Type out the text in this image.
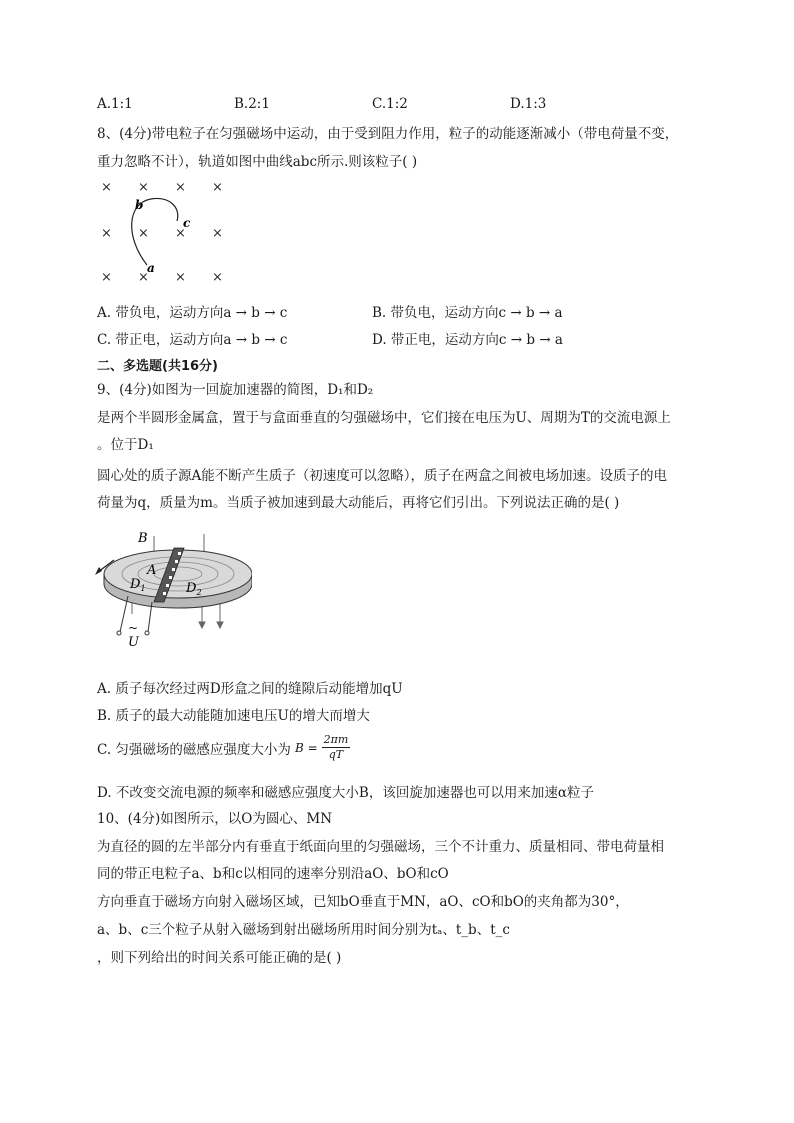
A.1:1	B.2:1	C.1:2	D.1:3
8、(4分)带电粒子在匀强磁场中运动，由于受到阻力作用，粒子的动能逐渐减小（带电荷量不变，
重力忽略不计），轨道如图中曲线abc所示.则该粒子( )
× × × ×
× × × ×
× × × ×
a
b
c
A. 带负电，运动方向a → b → c	B. 带负电，运动方向c → b → a
C. 带正电，运动方向a → b → c	D. 带正电，运动方向c → b → a
二、多选题(共16分)
9、(4分)如图为一回旋加速器的简图，D₁和D₂
是两个半圆形金属盒，置于与盒面垂直的匀强磁场中，它们接在电压为U、周期为T的交流电源上
。位于D₁
圆心处的质子源A能不断产生质子（初速度可以忽略），质子在两盒之间被电场加速。设质子的电
荷量为q，质量为m。当质子被加速到最大动能后，再将它们引出。下列说法正确的是( )
B
A
$D_1$	$D_2$
~
U
A. 质子每次经过两D形盒之间的缝隙后动能增加qU
B. 质子的最大动能随加速电压U的增大而增大
C. 匀强磁场的磁感应强度大小为 $B = \frac{2\pi m}{qT}$
D. 不改变交流电源的频率和磁感应强度大小B，该回旋加速器也可以用来加速α粒子
10、(4分)如图所示，以O为圆心、MN
为直径的圆的左半部分内有垂直于纸面向里的匀强磁场，三个不计重力、质量相同、带电荷量相
同的带正电粒子a、b和c以相同的速率分别沿aO、bO和cO
方向垂直于磁场方向射入磁场区域，已知bO垂直于MN，aO、cO和bO的夹角都为30°，
a、b、c三个粒子从射入磁场到射出磁场所用时间分别为tₐ、t_b、t_c
，则下列给出的时间关系可能正确的是( )
